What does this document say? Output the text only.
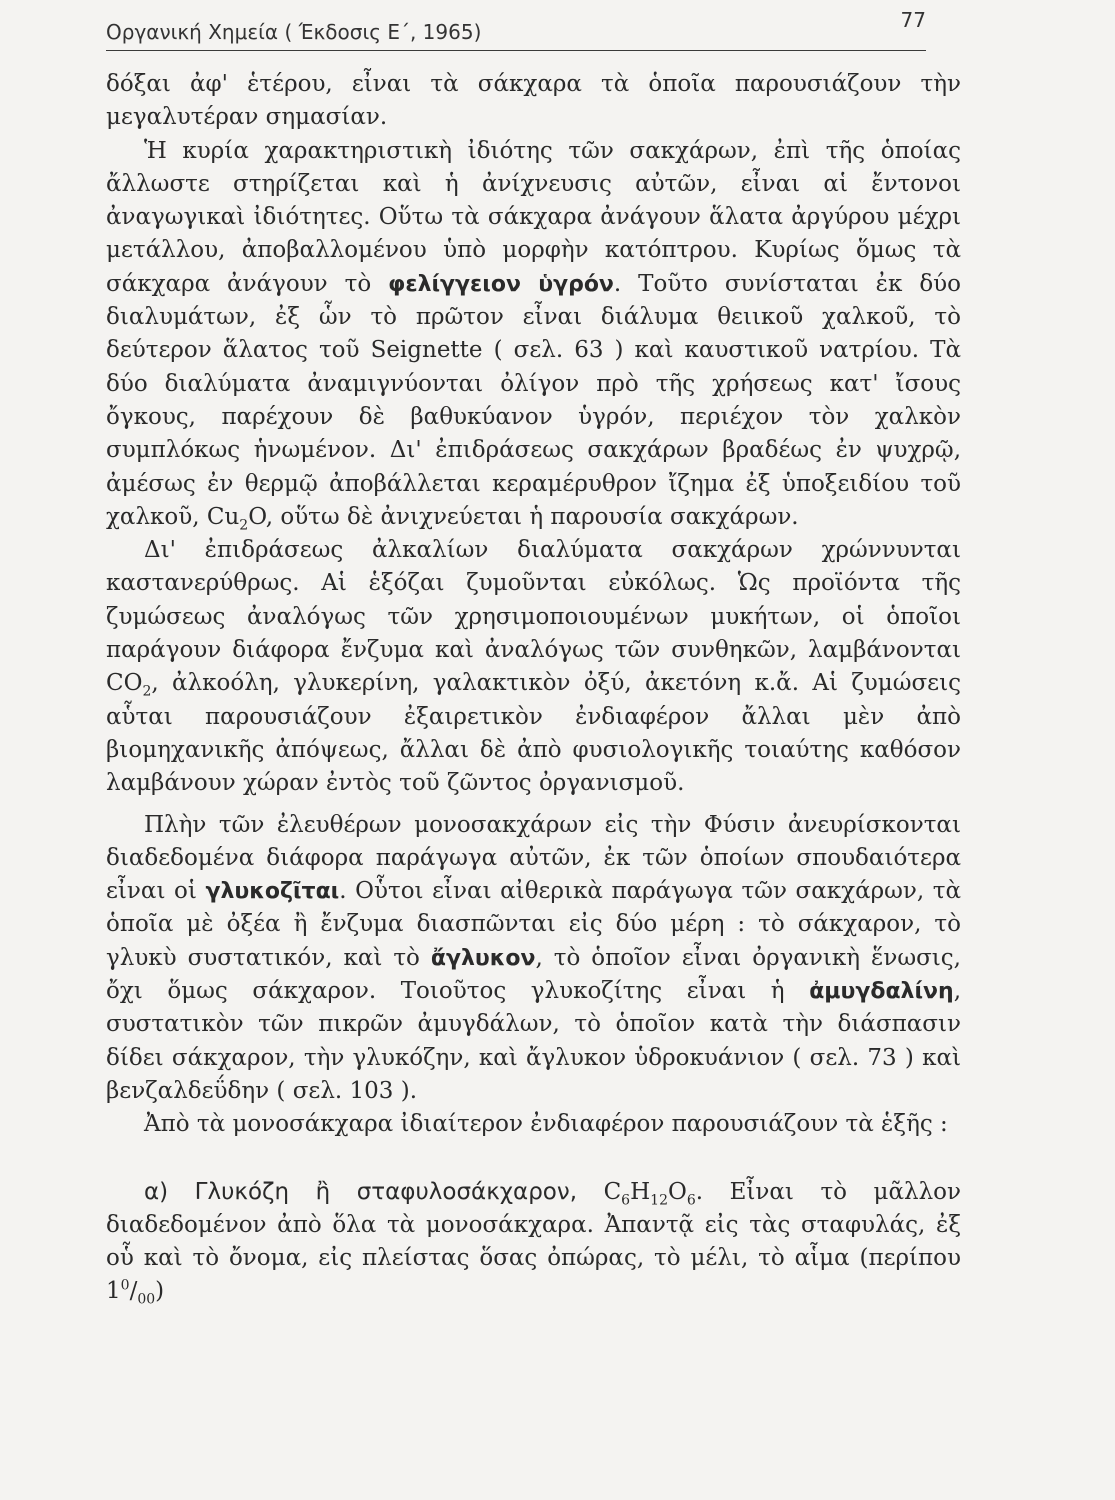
Οργανική Χημεία ( Έκδοσις Ε΄, 1965)	77

δόξαι ἀφ' ἑτέρου, εἶναι τὰ σάκχαρα τὰ ὁποῖα παρουσιάζουν τὴν μεγαλυτέραν σημασίαν.

Ἡ κυρία χαρακτηριστικὴ ἰδιότης τῶν σακχάρων, ἐπὶ τῆς ὁποίας ἄλλωστε στηρίζεται καὶ ἡ ἀνίχνευσις αὐτῶν, εἶναι αἱ ἔντονοι ἀναγωγικαὶ ἰδιότητες. Οὕτω τὰ σάκχαρα ἀνάγουν ἅλατα ἀργύρου μέχρι μετάλλου, ἀποβαλλομένου ὑπὸ μορφὴν κατόπτρου. Κυρίως ὅμως τὰ σάκχαρα ἀνάγουν τὸ φελίγγειον ὑγρόν. Τοῦτο συνίσταται ἐκ δύο διαλυμάτων, ἐξ ὧν τὸ πρῶτον εἶναι διάλυμα θειικοῦ χαλκοῦ, τὸ δεύτερον ἅλατος τοῦ Seignette ( σελ. 63 ) καὶ καυστικοῦ νατρίου. Τὰ δύο διαλύματα ἀναμιγνύονται ὀλίγον πρὸ τῆς χρήσεως κατ' ἴσους ὄγκους, παρέχουν δὲ βαθυκύανον ὑγρόν, περιέχον τὸν χαλκὸν συμπλόκως ἡνωμένον. Δι' ἐπιδράσεως σακχάρων βραδέως ἐν ψυχρῷ, ἀμέσως ἐν θερμῷ ἀποβάλλεται κεραμέρυθρον ἴζημα ἐξ ὑποξειδίου τοῦ χαλκοῦ, $Cu_2O$, οὕτω δὲ ἀνιχνεύεται ἡ παρουσία σακχάρων.

Δι' ἐπιδράσεως ἀλκαλίων διαλύματα σακχάρων χρώννυνται καστανερύθρως. Αἱ ἑξόζαι ζυμοῦνται εὐκόλως. Ὡς προϊόντα τῆς ζυμώσεως ἀναλόγως τῶν χρησιμοποιουμένων μυκήτων, οἱ ὁποῖοι παράγουν διάφορα ἔνζυμα καὶ ἀναλόγως τῶν συνθηκῶν, λαμβάνονται $CO_2$, ἀλκοόλη, γλυκερίνη, γαλακτικὸν ὀξύ, ἀκετόνη κ.ἄ. Αἱ ζυμώσεις αὗται παρουσιάζουν ἐξαιρετικὸν ἐνδιαφέρον ἄλλαι μὲν ἀπὸ βιομηχανικῆς ἀπόψεως, ἄλλαι δὲ ἀπὸ φυσιολογικῆς τοιαύτης καθόσον λαμβάνουν χώραν ἐντὸς τοῦ ζῶντος ὀργανισμοῦ.

Πλὴν τῶν ἐλευθέρων μονοσακχάρων εἰς τὴν Φύσιν ἀνευρίσκονται διαδεδομένα διάφορα παράγωγα αὐτῶν, ἐκ τῶν ὁποίων σπουδαιότερα εἶναι οἱ γλυκοζῖται. Οὗτοι εἶναι αἰθερικὰ παράγωγα τῶν σακχάρων, τὰ ὁποῖα μὲ ὀξέα ἢ ἔνζυμα διασπῶνται εἰς δύο μέρη : τὸ σάκχαρον, τὸ γλυκὺ συστατικόν, καὶ τὸ ἄγλυκον, τὸ ὁποῖον εἶναι ὀργανικὴ ἕνωσις, ὄχι ὅμως σάκχαρον. Τοιοῦτος γλυκοζίτης εἶναι ἡ ἀμυγδαλίνη, συστατικὸν τῶν πικρῶν ἀμυγδάλων, τὸ ὁποῖον κατὰ τὴν διάσπασιν δίδει σάκχαρον, τὴν γλυκόζην, καὶ ἄγλυκον ὑδροκυάνιον ( σελ. 73 ) καὶ βενζαλδεΰδην ( σελ. 103 ).

Ἀπὸ τὰ μονοσάκχαρα ἰδιαίτερον ἐνδιαφέρον παρουσιάζουν τὰ ἑξῆς :

α) Γλυκόζη ἢ σταφυλοσάκχαρον, $C_6H_{12}O_6$. Εἶναι τὸ μᾶλλον διαδεδομένον ἀπὸ ὅλα τὰ μονοσάκχαρα. Ἀπαντᾷ εἰς τὰς σταφυλάς, ἐξ οὗ καὶ τὸ ὄνομα, εἰς πλείστας ὅσας ὀπώρας, τὸ μέλι, τὸ αἷμα (περίπου $1^0/_{00}$)
